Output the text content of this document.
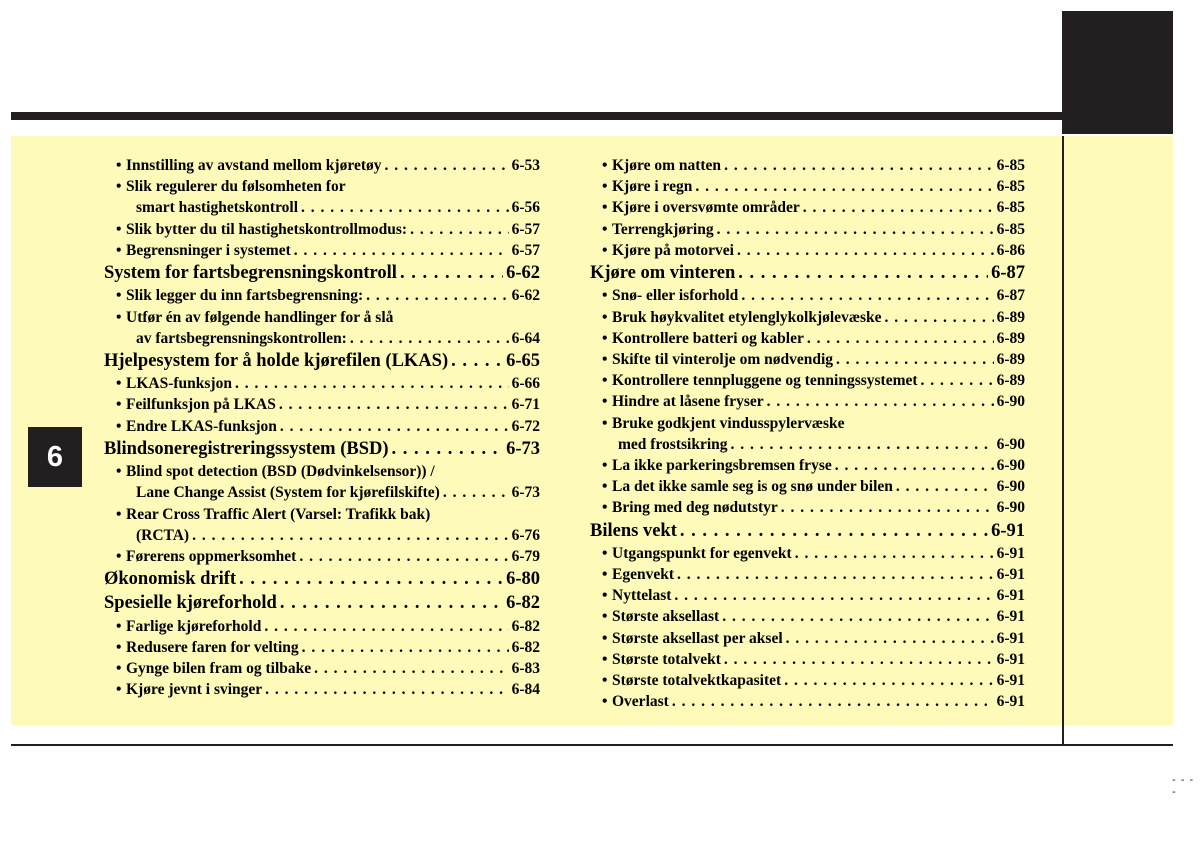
6
- - - -
• Innstilling av avstand mellom kjøretøy . . .	6-53
• Slik regulerer du følsomheten for
smart hastighetskontroll . . .	6-56
• Slik bytter du til hastighetskontrollmodus: . . .	6-57
• Begrensninger i systemet . . .	6-57
System for fartsbegrensningskontroll . . .	6-62
• Slik legger du inn fartsbegrensning: . . .	6-62
• Utfør én av følgende handlinger for å slå
av fartsbegrensningskontrollen: . . .	6-64
Hjelpesystem for å holde kjørefilen (LKAS) . . .	6-65
• LKAS-funksjon . . .	6-66
• Feilfunksjon på LKAS . . .	6-71
• Endre LKAS-funksjon . . .	6-72
Blindsoneregistreringssystem (BSD) . . .	6-73
• Blind spot detection (BSD (Dødvinkelsensor)) /
Lane Change Assist (System for kjørefilskifte) . . .	6-73
• Rear Cross Traffic Alert (Varsel: Trafikk bak)
(RCTA) . . .	6-76
• Førerens oppmerksomhet . . .	6-79
Økonomisk drift . . .	6-80
Spesielle kjøreforhold . . .	6-82
• Farlige kjøreforhold . . .	6-82
• Redusere faren for velting . . .	6-82
• Gynge bilen fram og tilbake . . .	6-83
• Kjøre jevnt i svinger . . .	6-84
• Kjøre om natten . . .	6-85
• Kjøre i regn . . .	6-85
• Kjøre i oversvømte områder . . .	6-85
• Terrengkjøring . . .	6-85
• Kjøre på motorvei . . .	6-86
Kjøre om vinteren . . .	6-87
• Snø- eller isforhold . . .	6-87
• Bruk høykvalitet etylenglykolkjølevæske . . .	6-89
• Kontrollere batteri og kabler . . .	6-89
• Skifte til vinterolje om nødvendig . . .	6-89
• Kontrollere tennpluggene og tenningssystemet . . .	6-89
• Hindre at låsene fryser . . .	6-90
• Bruke godkjent vindusspylervæske
med frostsikring . . .	6-90
• La ikke parkeringsbremsen fryse . . .	6-90
• La det ikke samle seg is og snø under bilen . . .	6-90
• Bring med deg nødutstyr . . .	6-90
Bilens vekt . . .	6-91
• Utgangspunkt for egenvekt . . .	6-91
• Egenvekt . . .	6-91
• Nyttelast . . .	6-91
• Største aksellast . . .	6-91
• Største aksellast per aksel . . .	6-91
• Største totalvekt . . .	6-91
• Største totalvektkapasitet . . .	6-91
• Overlast . . .	6-91
